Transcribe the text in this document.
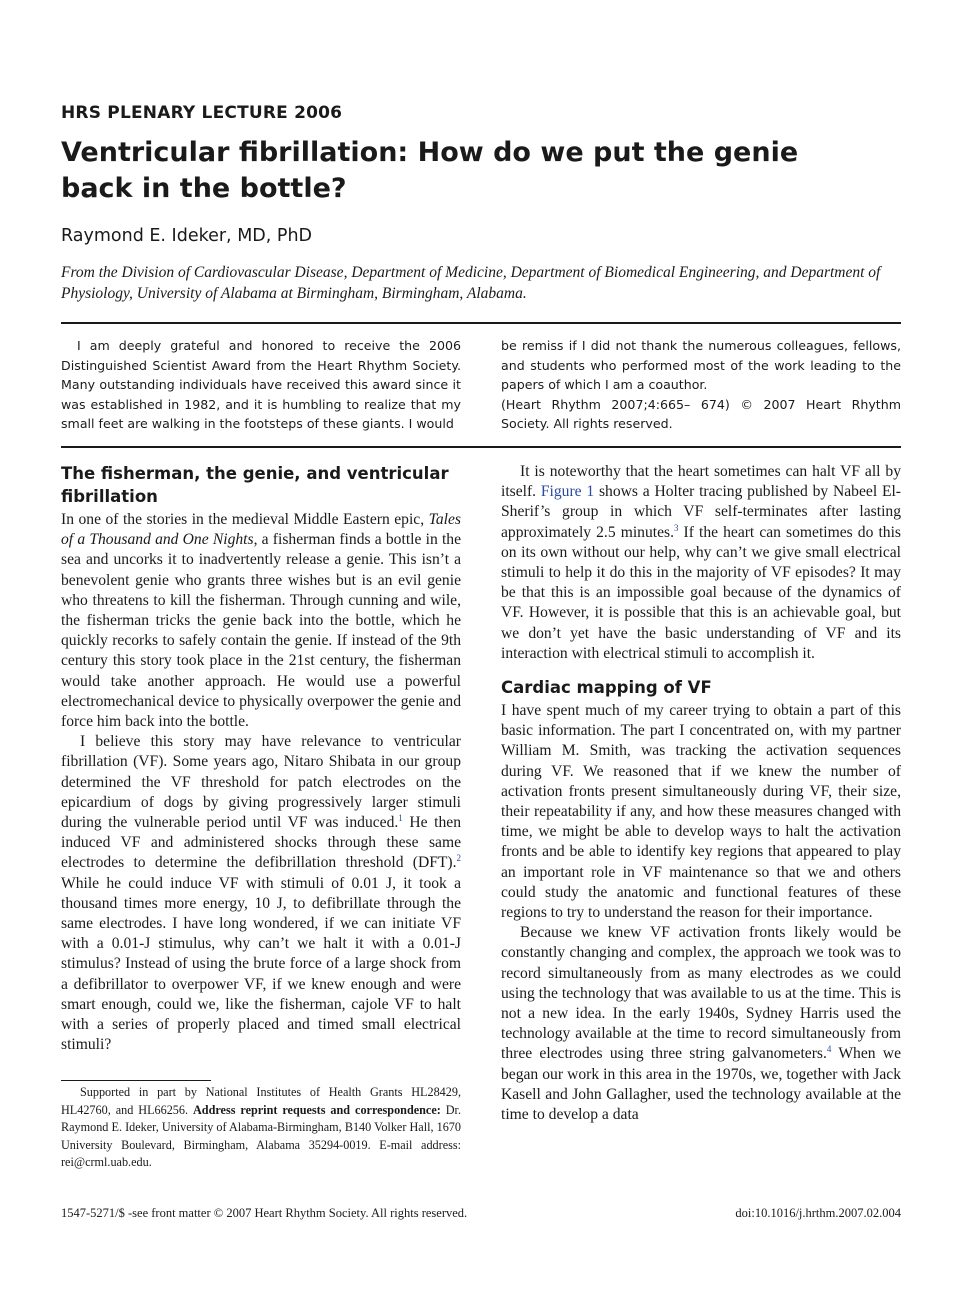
HRS PLENARY LECTURE 2006
Ventricular fibrillation: How do we put the genie back in the bottle?
Raymond E. Ideker, MD, PhD
From the Division of Cardiovascular Disease, Department of Medicine, Department of Biomedical Engineering, and Department of Physiology, University of Alabama at Birmingham, Birmingham, Alabama.
I am deeply grateful and honored to receive the 2006 Distinguished Scientist Award from the Heart Rhythm Society. Many outstanding individuals have received this award since it was established in 1982, and it is humbling to realize that my small feet are walking in the footsteps of these giants. I would

be remiss if I did not thank the numerous colleagues, fellows, and students who performed most of the work leading to the papers of which I am a coauthor.

(Heart Rhythm 2007;4:665– 674) © 2007 Heart Rhythm Society. All rights reserved.

The fisherman, the genie, and ventricular fibrillation

In one of the stories in the medieval Middle Eastern epic, Tales of a Thousand and One Nights, a fisherman finds a bottle in the sea and uncorks it to inadvertently release a genie. This isn’t a benevolent genie who grants three wishes but is an evil genie who threatens to kill the fisherman. Through cunning and wile, the fisherman tricks the genie back into the bottle, which he quickly recorks to safely contain the genie. If instead of the 9th century this story took place in the 21st century, the fisherman would take another approach. He would use a powerful electromechanical device to physically overpower the genie and force him back into the bottle.

I believe this story may have relevance to ventricular fibrillation (VF). Some years ago, Nitaro Shibata in our group determined the VF threshold for patch electrodes on the epicardium of dogs by giving progressively larger stimuli during the vulnerable period until VF was induced.$^1$ He then induced VF and administered shocks through these same electrodes to determine the defibrillation threshold (DFT).$^2$ While he could induce VF with stimuli of 0.01 J, it took a thousand times more energy, 10 J, to defibrillate through the same electrodes. I have long wondered, if we can initiate VF with a 0.01-J stimulus, why can’t we halt it with a 0.01-J stimulus? Instead of using the brute force of a large shock from a defibrillator to overpower VF, if we knew enough and were smart enough, could we, like the fisherman, cajole VF to halt with a series of properly placed and timed small electrical stimuli?

It is noteworthy that the heart sometimes can halt VF all by itself. Figure 1 shows a Holter tracing published by Nabeel El-Sherif’s group in which VF self-terminates after lasting approximately 2.5 minutes.$^3$ If the heart can sometimes do this on its own without our help, why can’t we give small electrical stimuli to help it do this in the majority of VF episodes? It may be that this is an impossible goal because of the dynamics of VF. However, it is possible that this is an achievable goal, but we don’t yet have the basic understanding of VF and its interaction with electrical stimuli to accomplish it.

Cardiac mapping of VF

I have spent much of my career trying to obtain a part of this basic information. The part I concentrated on, with my partner William M. Smith, was tracking the activation sequences during VF. We reasoned that if we knew the number of activation fronts present simultaneously during VF, their size, their repeatability if any, and how these measures changed with time, we might be able to develop ways to halt the activation fronts and be able to identify key regions that appeared to play an important role in VF maintenance so that we and others could study the anatomic and functional features of these regions to try to understand the reason for their importance.

Because we knew VF activation fronts likely would be constantly changing and complex, the approach we took was to record simultaneously from as many electrodes as we could using the technology that was available to us at the time. This is not a new idea. In the early 1940s, Sydney Harris used the technology available at the time to record simultaneously from three electrodes using three string galvanometers.$^4$ When we began our work in this area in the 1970s, we, together with Jack Kasell and John Gallagher, used the technology available at the time to develop a data

Supported in part by National Institutes of Health Grants HL28429, HL42760, and HL66256. Address reprint requests and correspondence: Dr. Raymond E. Ideker, University of Alabama-Birmingham, B140 Volker Hall, 1670 University Boulevard, Birmingham, Alabama 35294-0019. E-mail address: rei@crml.uab.edu.
1547-5271/$ -see front matter © 2007 Heart Rhythm Society. All rights reserved.	doi:10.1016/j.hrthm.2007.02.004
